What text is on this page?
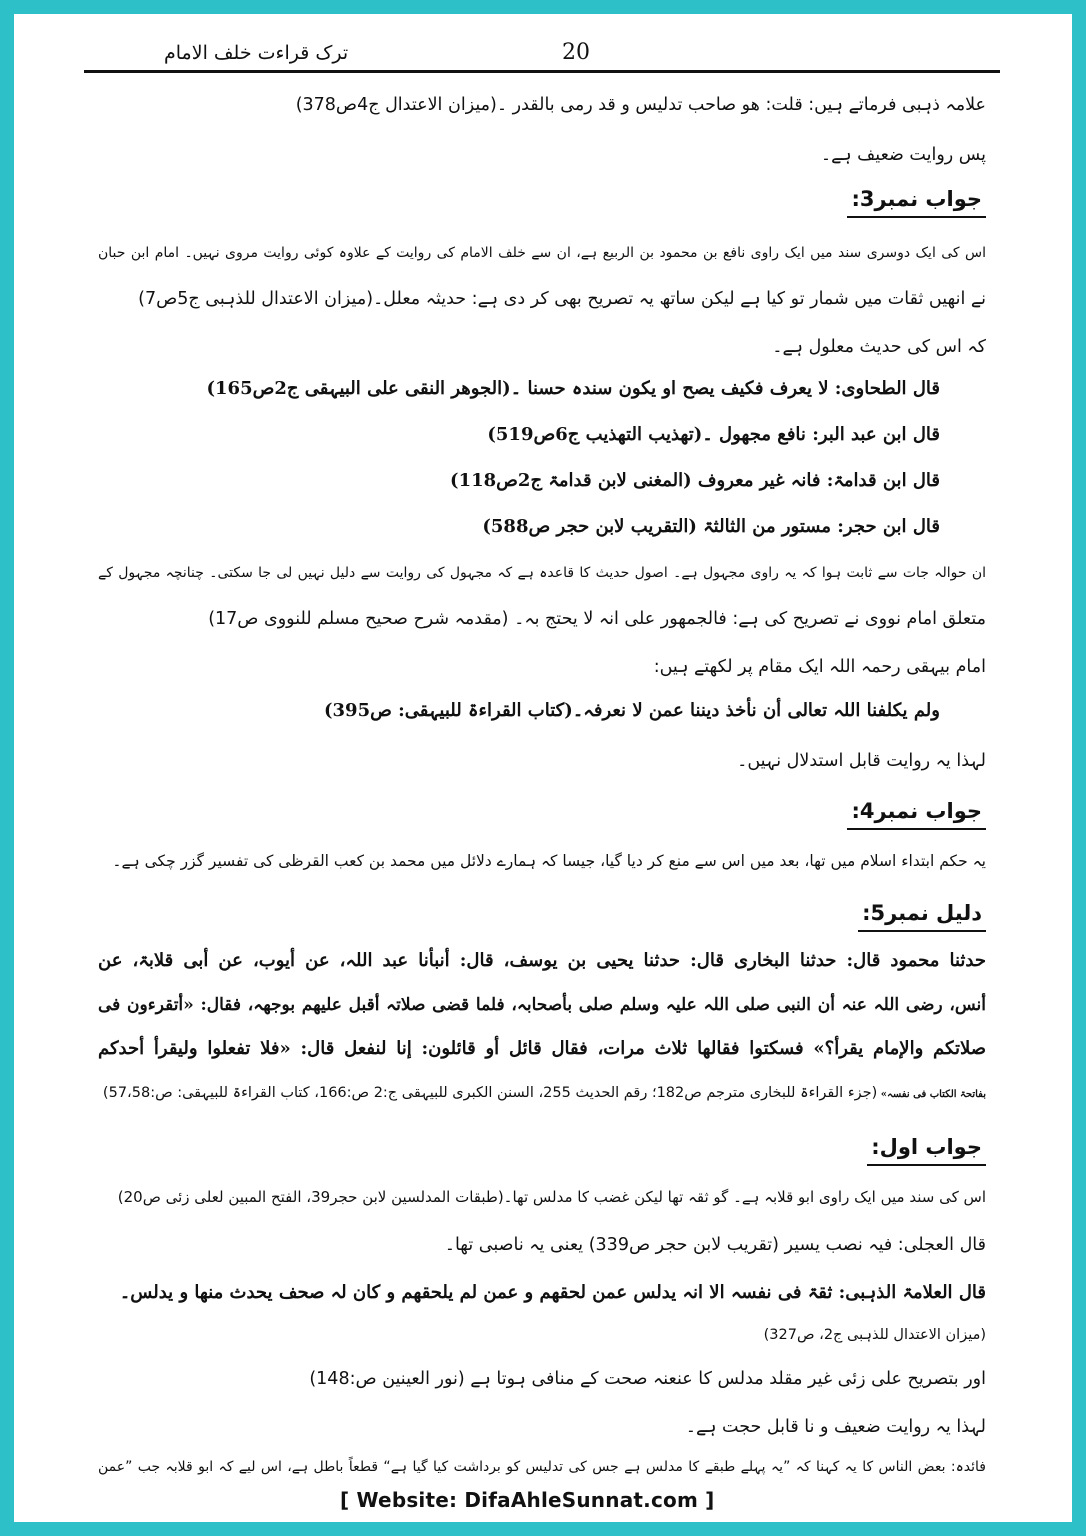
ترک قراءت خلف الامام	20
علامہ ذہبی فرماتے ہیں: قلت: ھو صاحب تدلیس و قد رمی بالقدر ۔(میزان الاعتدال ج4ص378)
پس روایت ضعیف ہے۔
جواب نمبر3:
اس کی ایک دوسری سند میں ایک راوی نافع بن محمود بن الربیع ہے، ان سے خلف الامام کی روایت کے علاوہ کوئی روایت مروی نہیں۔ امام ابن حبان
نے انھیں ثقات میں شمار تو کیا ہے لیکن ساتھ یہ تصریح بھی کر دی ہے: حدیثہ معلل۔(میزان الاعتدال للذہبی ج5ص7)
کہ اس کی حدیث معلول ہے۔
قال الطحاوی: لا یعرف فکیف یصح او یکون سندہ حسنا ۔(الجوھر النقی علی البیہقی ج2ص165)
قال ابن عبد البر: نافع مجھول ۔(تھذیب التھذیب ج6ص519)
قال ابن قدامۃ: فانہ غیر معروف (المغنی لابن قدامۃ ج2ص118)
قال ابن حجر: مستور من الثالثۃ (التقریب لابن حجر ص588)
ان حوالہ جات سے ثابت ہوا کہ یہ راوی مجہول ہے۔ اصول حدیث کا قاعدہ ہے کہ مجہول کی روایت سے دلیل نہیں لی جا سکتی۔ چنانچہ مجہول کے
متعلق امام نووی نے تصریح کی ہے: فالجمھور علی انہ لا یحتج بہ۔ (مقدمہ شرح صحیح مسلم للنووی ص17)
امام بیہقی رحمہ اللہ ایک مقام پر لکھتے ہیں:
ولم یکلفنا اللہ تعالی أن نأخذ دیننا عمن لا نعرفہ۔(کتاب القراءۃ للبیہقی: ص395)
لہذا یہ روایت قابل استدلال نہیں۔
جواب نمبر4:
یہ حکم ابتداء اسلام میں تھا، بعد میں اس سے منع کر دیا گیا، جیسا کہ ہمارے دلائل میں محمد بن کعب القرظی کی تفسیر گزر چکی ہے۔
دلیل نمبر5:
حدثنا محمود قال: حدثنا البخاری قال: حدثنا یحیی بن یوسف، قال: أنبأنا عبد اللہ، عن أیوب، عن أبی قلابۃ، عن
أنس، رضی اللہ عنہ أن النبی صلی اللہ علیہ وسلم صلی بأصحابہ، فلما قضی صلاتہ أقبل علیھم بوجھہ، فقال: «أتقرءون فی
صلاتکم والإمام یقرأ؟» فسکتوا فقالھا ثلاث مرات، فقال قائل أو قائلون: إنا لنفعل قال: «فلا تفعلوا ولیقرأ أحدکم
بفاتحۃ الکتاب فی نفسہ» (جزء القراءۃ للبخاری مترجم ص182؛ رقم الحدیث 255، السنن الکبری للبیہقی ج:2 ص:166، کتاب القراءۃ للبیہقی: ص:57،58)
جواب اول:
اس کی سند میں ایک راوی ابو قلابہ ہے۔ گو ثقہ تھا لیکن غضب کا مدلس تھا۔(طبقات المدلسین لابن حجر39، الفتح المبین لعلی زئی ص20)
قال العجلی: فیہ نصب یسیر (تقریب لابن حجر ص339) یعنی یہ ناصبی تھا۔
قال العلامۃ الذہبی: ثقۃ فی نفسہ الا انہ یدلس عمن لحقھم و عمن لم یلحقھم و کان لہ صحف یحدث منھا و یدلس۔
(میزان الاعتدال للذہبی ج2، ص327)
اور بتصریح علی زئی غیر مقلد مدلس کا عنعنہ صحت کے منافی ہوتا ہے (نور العینین ص:148)
لہذا یہ روایت ضعیف و نا قابل حجت ہے۔
فائدہ: بعض الناس کا یہ کہنا کہ ”یہ پہلے طبقے کا مدلس ہے جس کی تدلیس کو برداشت کیا گیا ہے“ قطعاً باطل ہے، اس لیے کہ ابو قلابہ جب ”عمن
[ Website: DifaAhleSunnat.com ]
